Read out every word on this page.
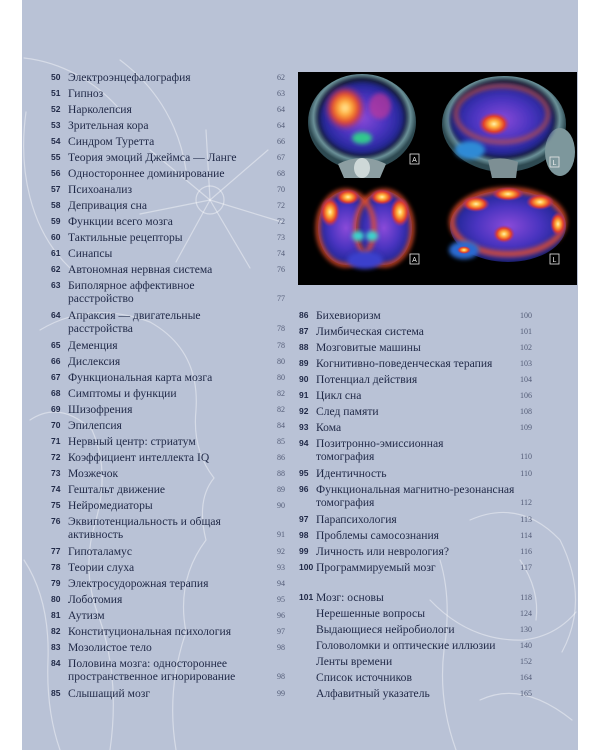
A	L
A	L
50 Электроэнцефалография	62
51 Гипноз	63
52 Нарколепсия	64
53 Зрительная кора	64
54 Синдром Туретта	66
55 Теория эмоций Джеймса — Ланге	67
56 Одностороннее доминирование	68
57 Психоанализ	70
58 Депривация сна	72
59 Функции всего мозга	72
60 Тактильные рецепторы	73
61 Синапсы	74
62 Автономная нервная система	76
63 Биполярное аффективное
расстройство	77
64 Апраксия — двигательные
расстройства	78
65 Деменция	78
66 Дислексия	80
67 Функциональная карта мозга	80
68 Симптомы и функции	82
69 Шизофрения	82
70 Эпилепсия	84
71 Нервный центр: стриатум	85
72 Коэффициент интеллекта IQ	86
73 Мозжечок	88
74 Гештальт движение	89
75 Нейромедиаторы	90
76 Эквипотенциальность и общая
активность	91
77 Гипоталамус	92
78 Теории слуха	93
79 Электросудорожная терапия	94
80 Лоботомия	95
81 Аутизм	96
82 Конституциональная психология	97
83 Мозолистое тело	98
84 Половина мозга: одностороннее
пространственное игнорирование	98
85 Слышащий мозг	99
86 Бихевиоризм	100
87 Лимбическая система	101
88 Мозговитые машины	102
89 Когнитивно-поведенческая терапия	103
90 Потенциал действия	104
91 Цикл сна	106
92 След памяти	108
93 Кома	109
94 Позитронно-эмиссионная
томография	110
95 Идентичность	110
96 Функциональная магнитно-резонансная
томография	112
97 Парапсихология	113
98 Проблемы самосознания	114
99 Личность или неврология?	116
100 Программируемый мозг	117
101 Мозг: основы	118
Нерешенные вопросы	124
Выдающиеся нейробиологи	130
Головоломки и оптические иллюзии	140
Ленты времени	152
Список источников	164
Алфавитный указатель	165
